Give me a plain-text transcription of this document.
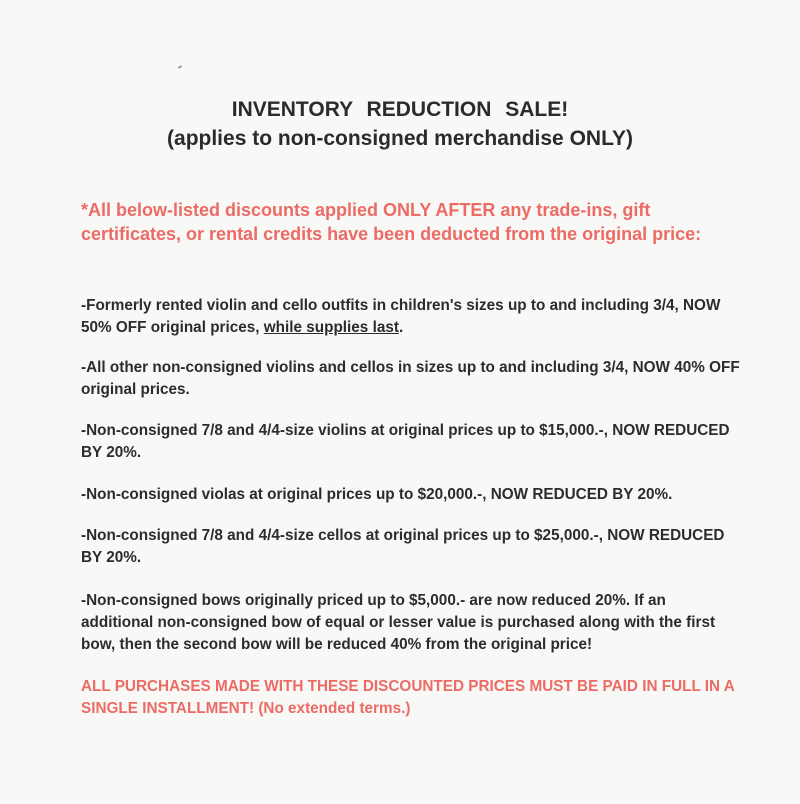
INVENTORY REDUCTION SALE!
(applies to non-consigned merchandise ONLY)
*All below-listed discounts applied ONLY AFTER any trade-ins, gift certificates, or rental credits have been deducted from the original price:
-Formerly rented violin and cello outfits in children's sizes up to and including 3/4, NOW 50% OFF original prices, while supplies last.
-All other non-consigned violins and cellos in sizes up to and including 3/4, NOW 40% OFF original prices.
-Non-consigned 7/8 and 4/4-size violins at original prices up to $15,000.-, NOW REDUCED BY 20%.
-Non-consigned violas at original prices up to $20,000.-, NOW REDUCED BY 20%.
-Non-consigned 7/8 and 4/4-size cellos at original prices up to $25,000.-, NOW REDUCED BY 20%.
-Non-consigned bows originally priced up to $5,000.- are now reduced 20%. If an additional non-consigned bow of equal or lesser value is purchased along with the first bow, then the second bow will be reduced 40% from the original price!
ALL PURCHASES MADE WITH THESE DISCOUNTED PRICES MUST BE PAID IN FULL IN A SINGLE INSTALLMENT! (No extended terms.)
